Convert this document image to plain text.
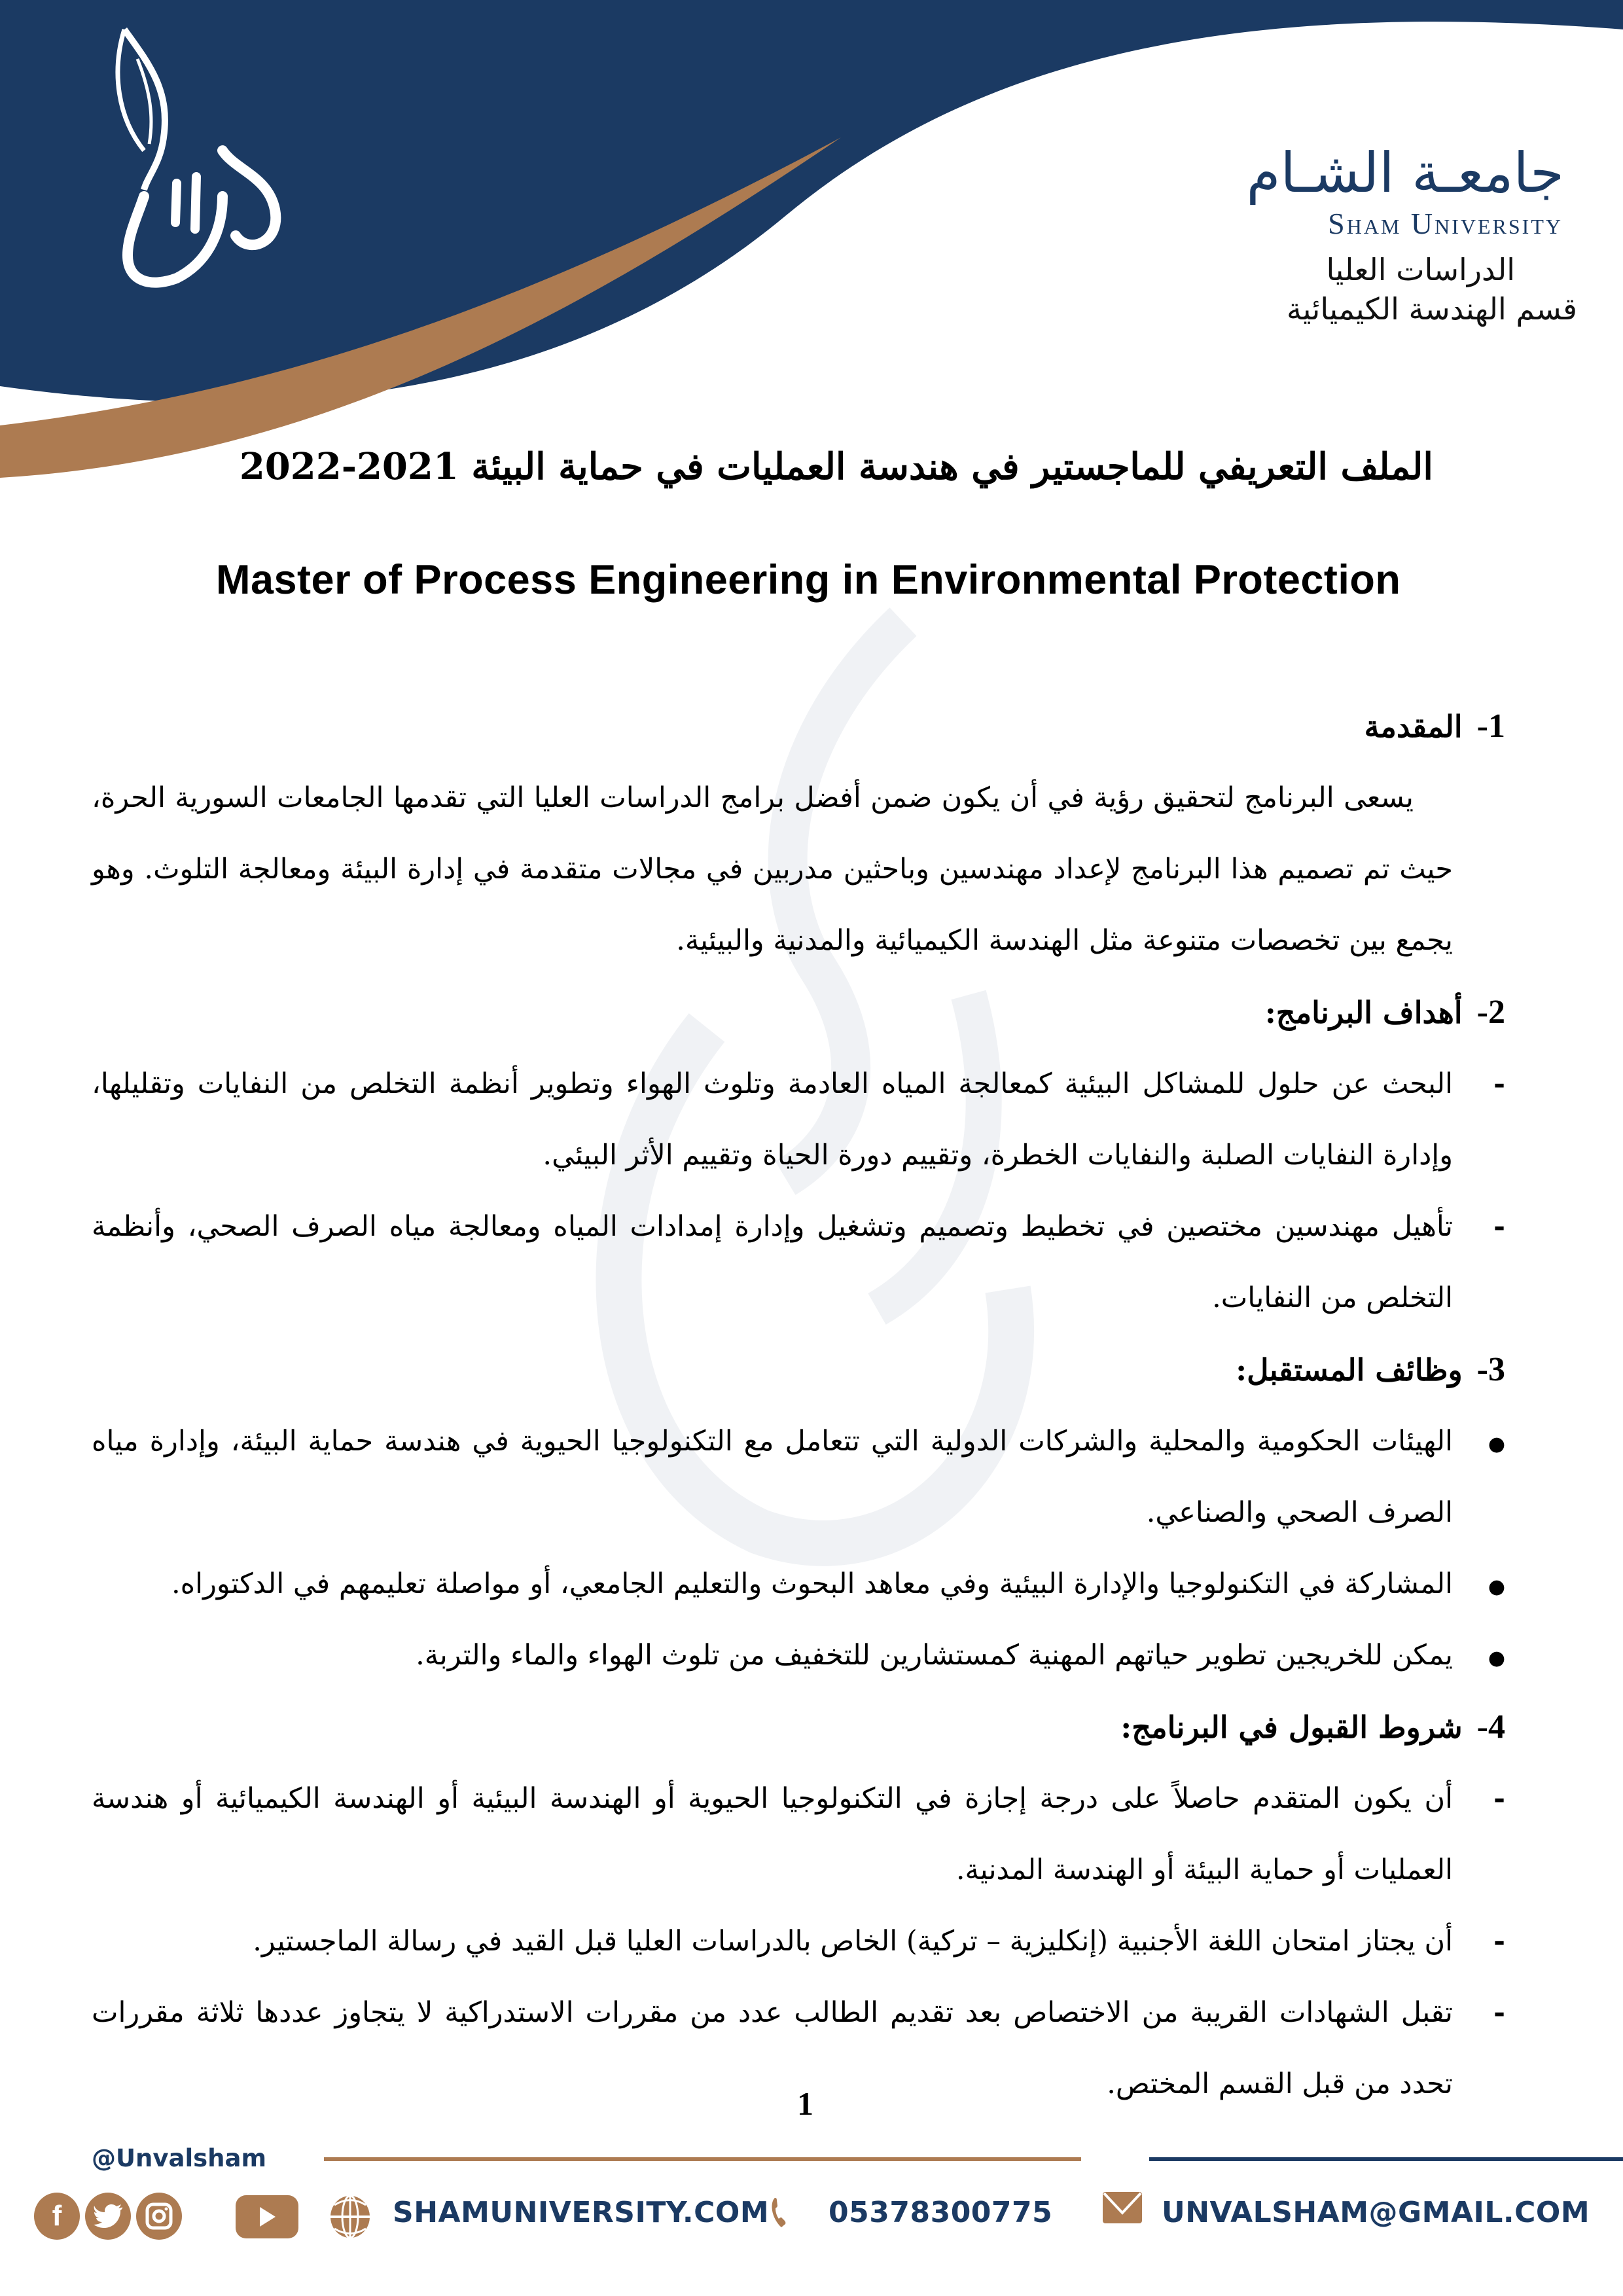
جامعـة الشـام
Sham University
الدراسات العليا
قسم الهندسة الكيميائية
الملف التعريفي للماجستير في هندسة العمليات في حماية البيئة 2021-2022
Master of Process Engineering in Environmental Protection
1-المقدمة
يسعى البرنامج لتحقيق رؤية في أن يكون ضمن أفضل برامج الدراسات العليا التي تقدمها الجامعات السورية الحرة، حيث تم تصميم هذا البرنامج لإعداد مهندسين وباحثين مدربين في مجالات متقدمة في إدارة البيئة ومعالجة التلوث. وهو يجمع بين تخصصات متنوعة مثل الهندسة الكيميائية والمدنية والبيئية.
2-أهداف البرنامج:
-
البحث عن حلول للمشاكل البيئية كمعالجة المياه العادمة وتلوث الهواء وتطوير أنظمة التخلص من النفايات وتقليلها، وإدارة النفايات الصلبة والنفايات الخطرة، وتقييم دورة الحياة وتقييم الأثر البيئي.
-
تأهيل مهندسين مختصين في تخطيط وتصميم وتشغيل وإدارة إمدادات المياه ومعالجة مياه الصرف الصحي، وأنظمة التخلص من النفايات.
3-وظائف المستقبل:
●
الهيئات الحكومية والمحلية والشركات الدولية التي تتعامل مع التكنولوجيا الحيوية في هندسة حماية البيئة، وإدارة مياه الصرف الصحي والصناعي.
●
المشاركة في التكنولوجيا والإدارة البيئية وفي معاهد البحوث والتعليم الجامعي، أو مواصلة تعليمهم في الدكتوراه.
●
يمكن للخريجين تطوير حياتهم المهنية كمستشارين للتخفيف من تلوث الهواء والماء والتربة.
4-شروط القبول في البرنامج:
-
أن يكون المتقدم حاصلاً على درجة إجازة في التكنولوجيا الحيوية أو الهندسة البيئية أو الهندسة الكيميائية أو هندسة العمليات أو حماية البيئة أو الهندسة المدنية.
-
أن يجتاز امتحان اللغة الأجنبية (إنكليزية – تركية) الخاص بالدراسات العليا قبل القيد في رسالة الماجستير.
-
تقبل الشهادات القريبة من الاختصاص بعد تقديم الطالب عدد من مقررات الاستدراكية لا يتجاوز عددها ثلاثة مقررات تحدد من قبل القسم المختص.
1
@Unvalsham
f	SHAMUNIVERSITY.COM 05378300775	UNVALSHAM@GMAIL.COM
